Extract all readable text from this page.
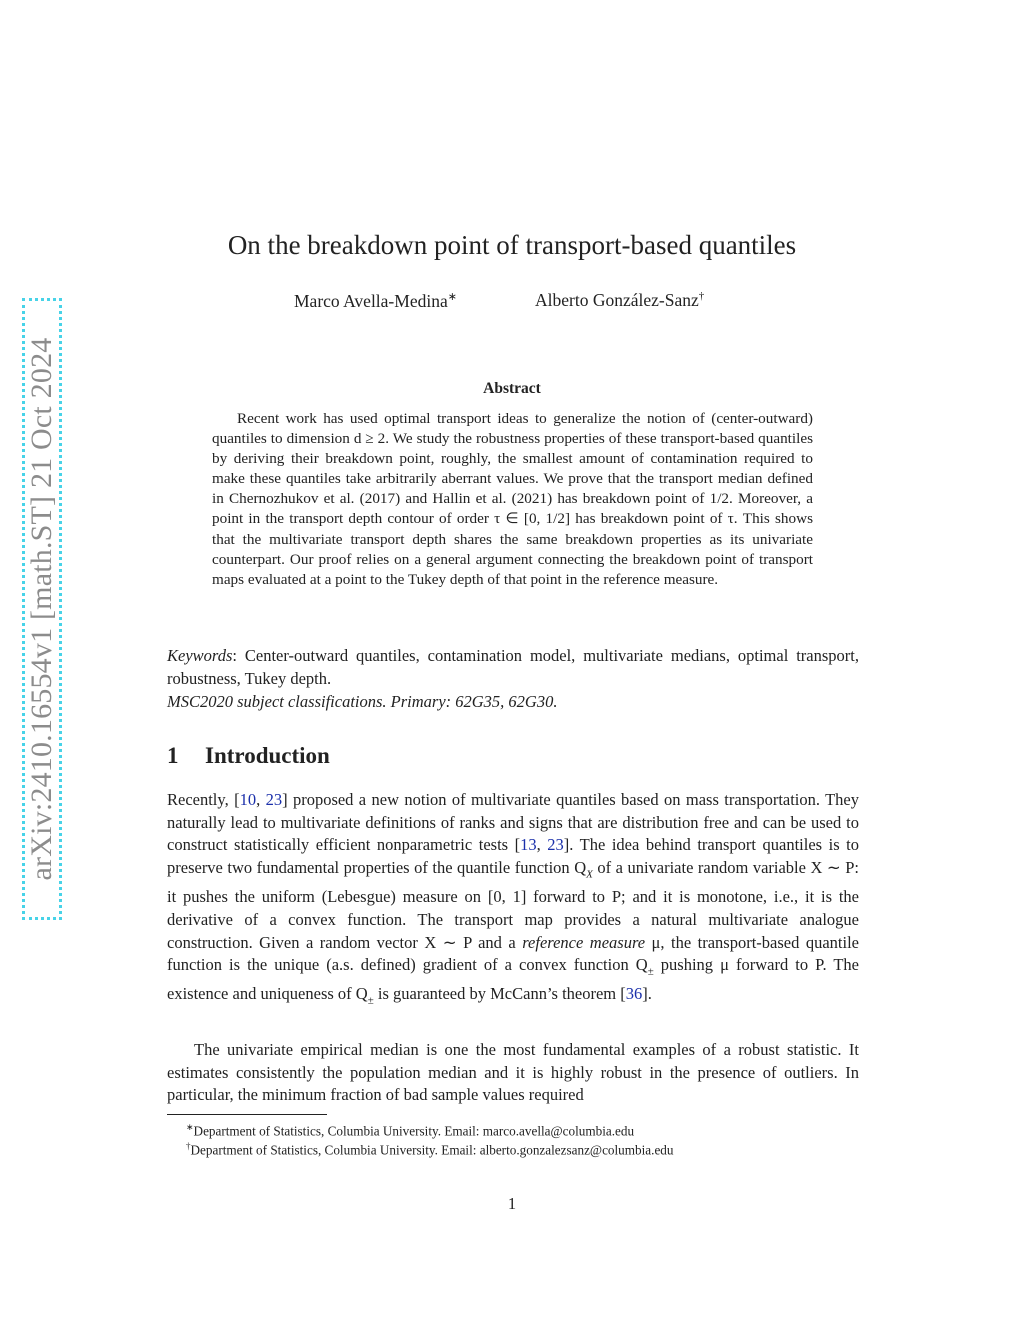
arXiv:2410.16554v1 [math.ST] 21 Oct 2024
On the breakdown point of transport-based quantiles
Marco Avella-Medina∗	Alberto González-Sanz†
Abstract
Recent work has used optimal transport ideas to generalize the notion of (center-outward) quantiles to dimension d ≥ 2. We study the robustness properties of these transport-based quantiles by deriving their breakdown point, roughly, the smallest amount of contamination required to make these quantiles take arbitrarily aberrant values. We prove that the transport median defined in Chernozhukov et al. (2017) and Hallin et al. (2021) has breakdown point of 1/2. Moreover, a point in the transport depth contour of order τ ∈ [0, 1/2] has breakdown point of τ. This shows that the multivariate transport depth shares the same breakdown properties as its univariate counterpart. Our proof relies on a general argument connecting the breakdown point of transport maps evaluated at a point to the Tukey depth of that point in the reference measure.
Keywords: Center-outward quantiles, contamination model, multivariate medians, optimal transport, robustness, Tukey depth.
MSC2020 subject classifications. Primary: 62G35, 62G30.
1 Introduction
Recently, [10, 23] proposed a new notion of multivariate quantiles based on mass transportation. They naturally lead to multivariate definitions of ranks and signs that are distribution free and can be used to construct statistically efficient nonparametric tests [13, 23]. The idea behind transport quantiles is to preserve two fundamental properties of the quantile function $Q_X$ of a univariate random variable X ∼ P: it pushes the uniform (Lebesgue) measure on [0, 1] forward to P; and it is monotone, i.e., it is the derivative of a convex function. The transport map provides a natural multivariate analogue construction. Given a random vector X ∼ P and a reference measure μ, the transport-based quantile function is the unique (a.s. defined) gradient of a convex function $Q_\pm$ pushing μ forward to P. The existence and uniqueness of $Q_\pm$ is guaranteed by McCann’s theorem [36].
The univariate empirical median is one the most fundamental examples of a robust statistic. It estimates consistently the population median and it is highly robust in the presence of outliers. In particular, the minimum fraction of bad sample values required
∗Department of Statistics, Columbia University. Email: marco.avella@columbia.edu
†Department of Statistics, Columbia University. Email: alberto.gonzalezsanz@columbia.edu
1
